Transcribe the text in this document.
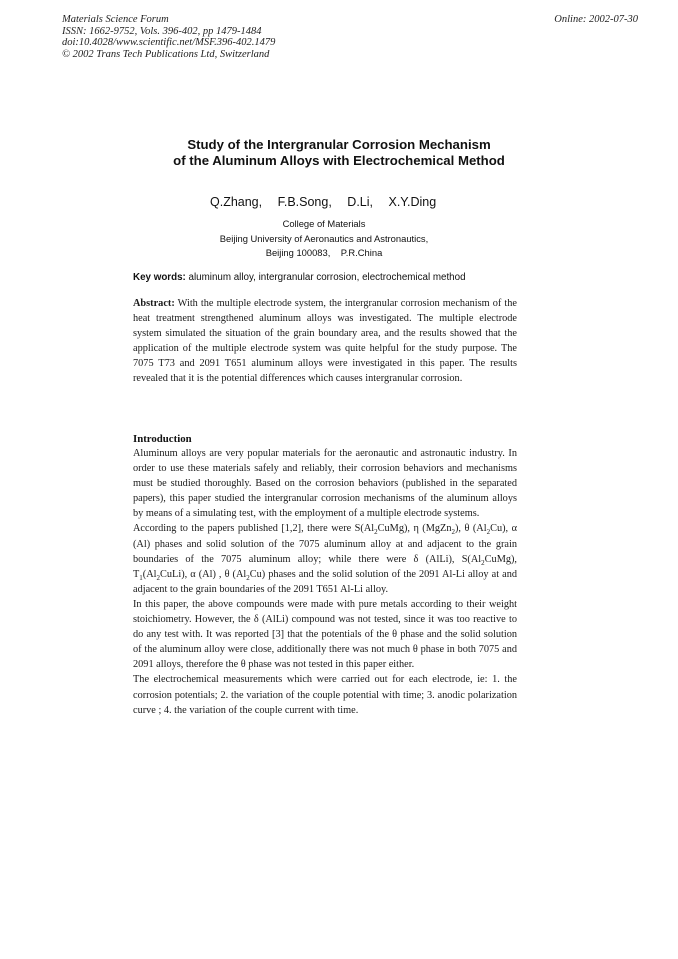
Materials Science Forum
ISSN: 1662-9752, Vols. 396-402, pp 1479-1484
doi:10.4028/www.scientific.net/MSF.396-402.1479
© 2002 Trans Tech Publications Ltd, Switzerland
Online: 2002-07-30
Study of the Intergranular Corrosion Mechanism
of the Aluminum Alloys with Electrochemical Method
Q.Zhang, F.B.Song, D.Li, X.Y.Ding
College of Materials
Beijing University of Aeronautics and Astronautics,
Beijing 100083, P.R.China
Key words: aluminum alloy, intergranular corrosion, electrochemical method
Abstract: With the multiple electrode system, the intergranular corrosion mechanism of the heat treatment strengthened aluminum alloys was investigated. The multiple electrode system simulated the situation of the grain boundary area, and the results showed that the application of the multiple electrode system was quite helpful for the study purpose. The 7075 T73 and 2091 T651 aluminum alloys were investigated in this paper. The results revealed that it is the potential differences which causes intergranular corrosion.
Introduction

Aluminum alloys are very popular materials for the aeronautic and astronautic industry. In order to use these materials safely and reliably, their corrosion behaviors and mechanisms must be studied thoroughly. Based on the corrosion behaviors (published in the separated papers), this paper studied the intergranular corrosion mechanisms of the aluminum alloys by means of a simulating test, with the employment of a multiple electrode systems.

According to the papers published [1,2], there were $S(Al_2CuMg)$, η (MgZn$_2$), θ $(Al_2Cu)$, α (Al) phases and solid solution of the 7075 aluminum alloy at and adjacent to the grain boundaries of the 7075 aluminum alloy; while there were δ (AlLi), $S(Al_2CuMg)$, $T_1(Al_2CuLi)$, α (Al) , θ $(Al_2Cu)$ phases and the solid solution of the 2091 Al-Li alloy at and adjacent to the grain boundaries of the 2091 T651 Al-Li alloy.

In this paper, the above compounds were made with pure metals according to their weight stoichiometry. However, the δ (AlLi) compound was not tested, since it was too reactive to do any test with. It was reported [3] that the potentials of the θ phase and the solid solution of the aluminum alloy were close, additionally there was not much θ phase in both 7075 and 2091 alloys, therefore the θ phase was not tested in this paper either.

The electrochemical measurements which were carried out for each electrode, ie: 1. the corrosion potentials; 2. the variation of the couple potential with time; 3. anodic polarization curve ; 4. the variation of the couple current with time.
